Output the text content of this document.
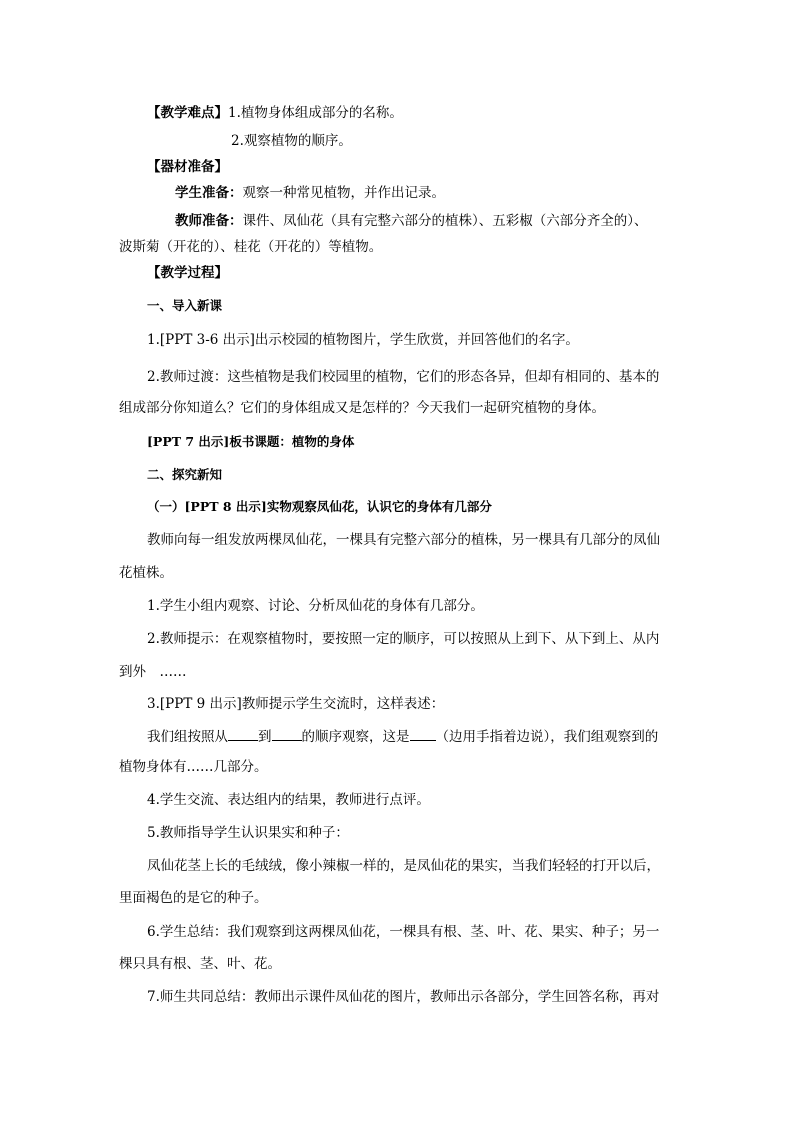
【教学难点】1.植物身体组成部分的名称。
2.观察植物的顺序。
【器材准备】
学生准备：观察一种常见植物，并作出记录。
教师准备：课件、凤仙花（具有完整六部分的植株）、五彩椒（六部分齐全的）、
波斯菊（开花的）、桂花（开花的）等植物。
【教学过程】
一、导入新课
1.[PPT 3-6 出示]出示校园的植物图片，学生欣赏，并回答他们的名字。
2.教师过渡：这些植物是我们校园里的植物，它们的形态各异，但却有相同的、基本的
组成部分你知道么？它们的身体组成又是怎样的？今天我们一起研究植物的身体。
[PPT 7 出示]板书课题：植物的身体
二、探究新知
（一）[PPT 8 出示]实物观察凤仙花，认识它的身体有几部分
教师向每一组发放两棵凤仙花，一棵具有完整六部分的植株，另一棵具有几部分的凤仙
花植株。
1.学生小组内观察、讨论、分析凤仙花的身体有几部分。
2.教师提示：在观察植物时，要按照一定的顺序，可以按照从上到下、从下到上、从内
到外　……
3.[PPT 9 出示]教师提示学生交流时，这样表述：
我们组按照从 到 的顺序观察，这是 （边用手指着边说），我们组观察到的
植物身体有……几部分。
4.学生交流、表达组内的结果，教师进行点评。
5.教师指导学生认识果实和种子：
凤仙花茎上长的毛绒绒，像小辣椒一样的，是凤仙花的果实，当我们轻轻的打开以后，
里面褐色的是它的种子。
6.学生总结：我们观察到这两棵凤仙花，一棵具有根、茎、叶、花、果实、种子；另一
棵只具有根、茎、叶、花。
7.师生共同总结：教师出示课件凤仙花的图片，教师出示各部分，学生回答名称，再对
